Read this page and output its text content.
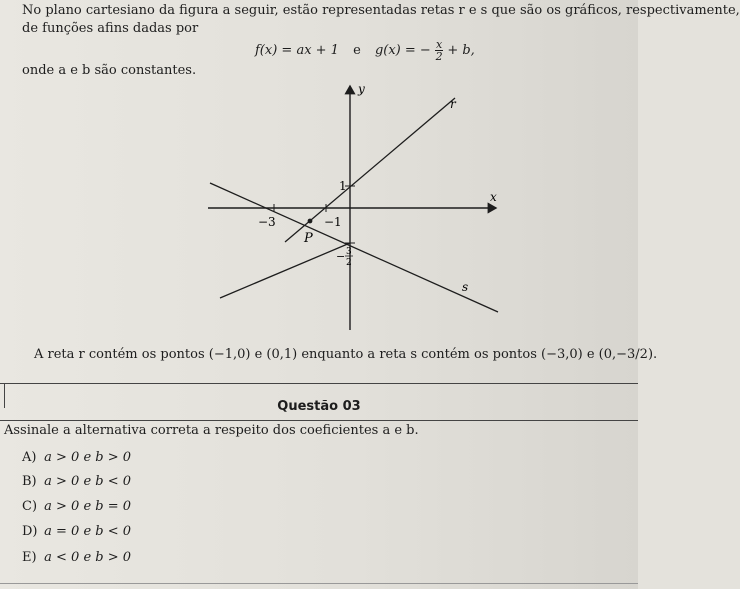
No plano cartesiano da figura a seguir, estão representadas retas r e s que são os gráficos, respectivamente,
de funções afins dadas por
f(x) = ax + 1 e g(x) = − $\frac{x}{2} + b$,
onde a e b são constantes.
y
x
r
s
P
1
−1
−3
− 3
2
A reta r contém os pontos (−1,0) e (0,1) enquanto a reta s contém os pontos (−3,0) e (0,−3/2).
Questão 03
Assinale a alternativa correta a respeito dos coeficientes a e b.
A) a > 0 e b > 0
B) a > 0 e b < 0
C) a > 0 e b = 0
D) a = 0 e b < 0
E) a < 0 e b > 0
